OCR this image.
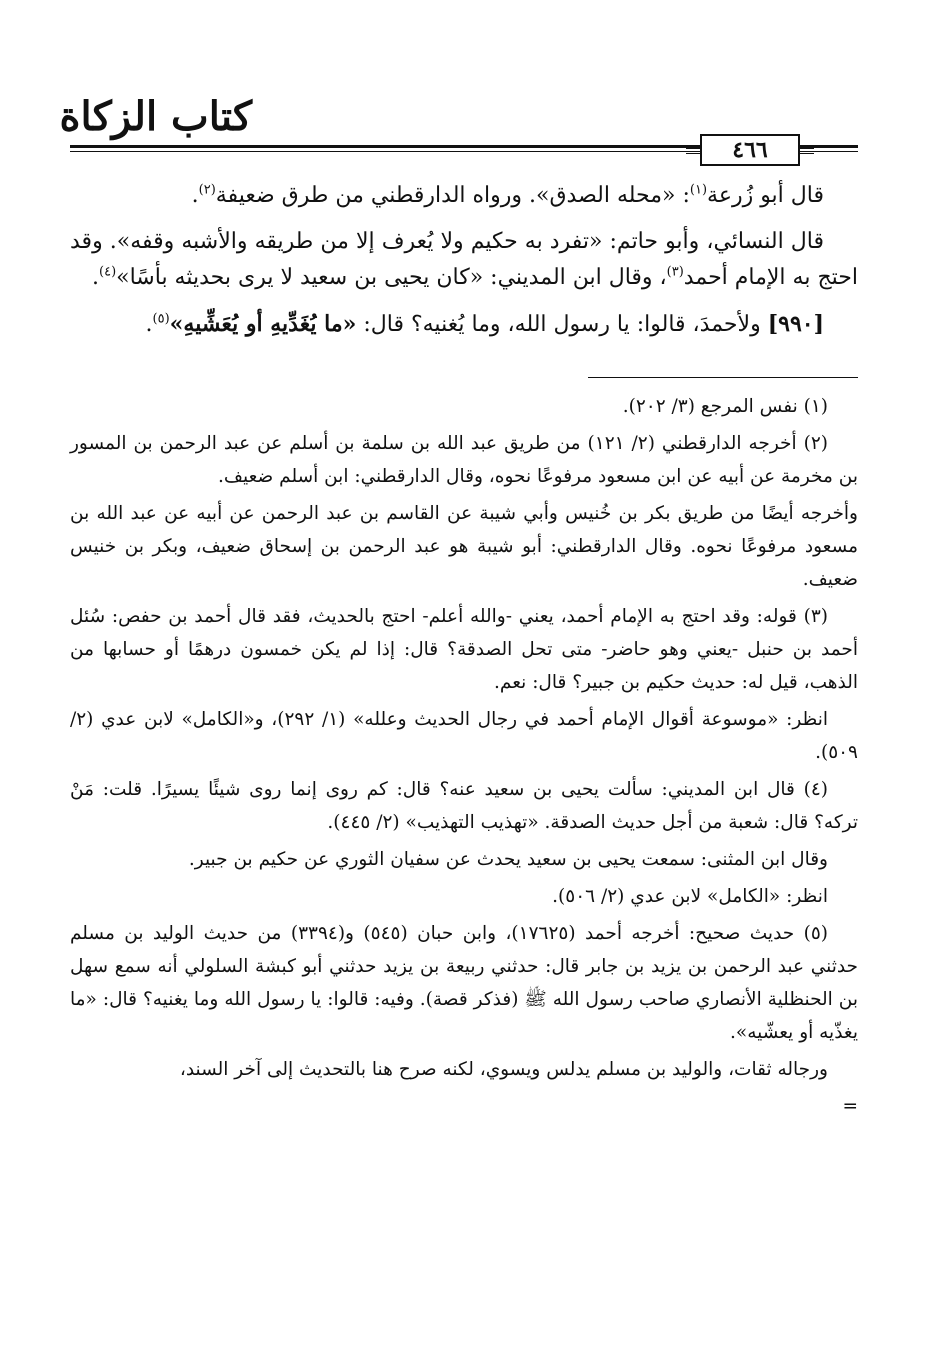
كتاب الزكاة
٤٦٦

قال أبو زُرعة$^{(١)}$: «محله الصدق». ورواه الدارقطني من طرق ضعيفة$^{(٢)}$.

قال النسائي، وأبو حاتم: «تفرد به حكيم ولا يُعرف إلا من طريقه والأشبه وقفه». وقد احتج به الإمام أحمد$^{(٣)}$، وقال ابن المديني: «كان يحيى بن سعيد لا يرى بحديثه بأسًا»$^{(٤)}$.

[٩٩٠] ولأحمدَ، قالوا: يا رسول الله، وما يُغنيه؟ قال: «ما يُغَدِّيهِ أو يُعَشِّيهِ»$^{(٥)}$.

(١) نفس المرجع (٣/ ٢٠٢).

(٢) أخرجه الدارقطني (٢/ ١٢١) من طريق عبد الله بن سلمة بن أسلم عن عبد الرحمن بن المسور بن مخرمة عن أبيه عن ابن مسعود مرفوعًا نحوه، وقال الدارقطني: ابن أسلم ضعيف.

وأخرجه أيضًا من طريق بكر بن خُنيس وأبي شيبة عن القاسم بن عبد الرحمن عن أبيه عن عبد الله بن مسعود مرفوعًا نحوه. وقال الدارقطني: أبو شيبة هو عبد الرحمن بن إسحاق ضعيف، وبكر بن خنيس ضعيف.

(٣) قوله: وقد احتج به الإمام أحمد، يعني -والله أعلم- احتج بالحديث، فقد قال أحمد بن حفص: سُئل أحمد بن حنبل -يعني وهو حاضر- متى تحل الصدقة؟ قال: إذا لم يكن خمسون درهمًا أو حسابها من الذهب، قيل له: حديث حكيم بن جبير؟ قال: نعم.

انظر: «موسوعة أقوال الإمام أحمد في رجال الحديث وعلله» (١/ ٢٩٢)، و«الكامل» لابن عدي (٢/ ٥٠٩).

(٤) قال ابن المديني: سألت يحيى بن سعيد عنه؟ قال: كم روى إنما روى شيئًا يسيرًا. قلت: مَنْ تركه؟ قال: شعبة من أجل حديث الصدقة. «تهذيب التهذيب» (٢/ ٤٤٥).

وقال ابن المثنى: سمعت يحيى بن سعيد يحدث عن سفيان الثوري عن حكيم بن جبير.

انظر: «الكامل» لابن عدي (٢/ ٥٠٦).

(٥) حديث صحيح: أخرجه أحمد (١٧٦٢٥)، وابن حبان (٥٤٥) و(٣٣٩٤) من حديث الوليد بن مسلم حدثني عبد الرحمن بن يزيد بن جابر قال: حدثني ربيعة بن يزيد حدثني أبو كبشة السلولي أنه سمع سهل بن الحنظلية الأنصاري صاحب رسول الله ﷺ (فذكر قصة). وفيه: قالوا: يا رسول الله وما يغنيه؟ قال: «ما يغذّيه أو يعشّيه».

ورجاله ثقات، والوليد بن مسلم يدلس ويسوي، لكنه صرح هنا بالتحديث إلى آخر السند،

=
